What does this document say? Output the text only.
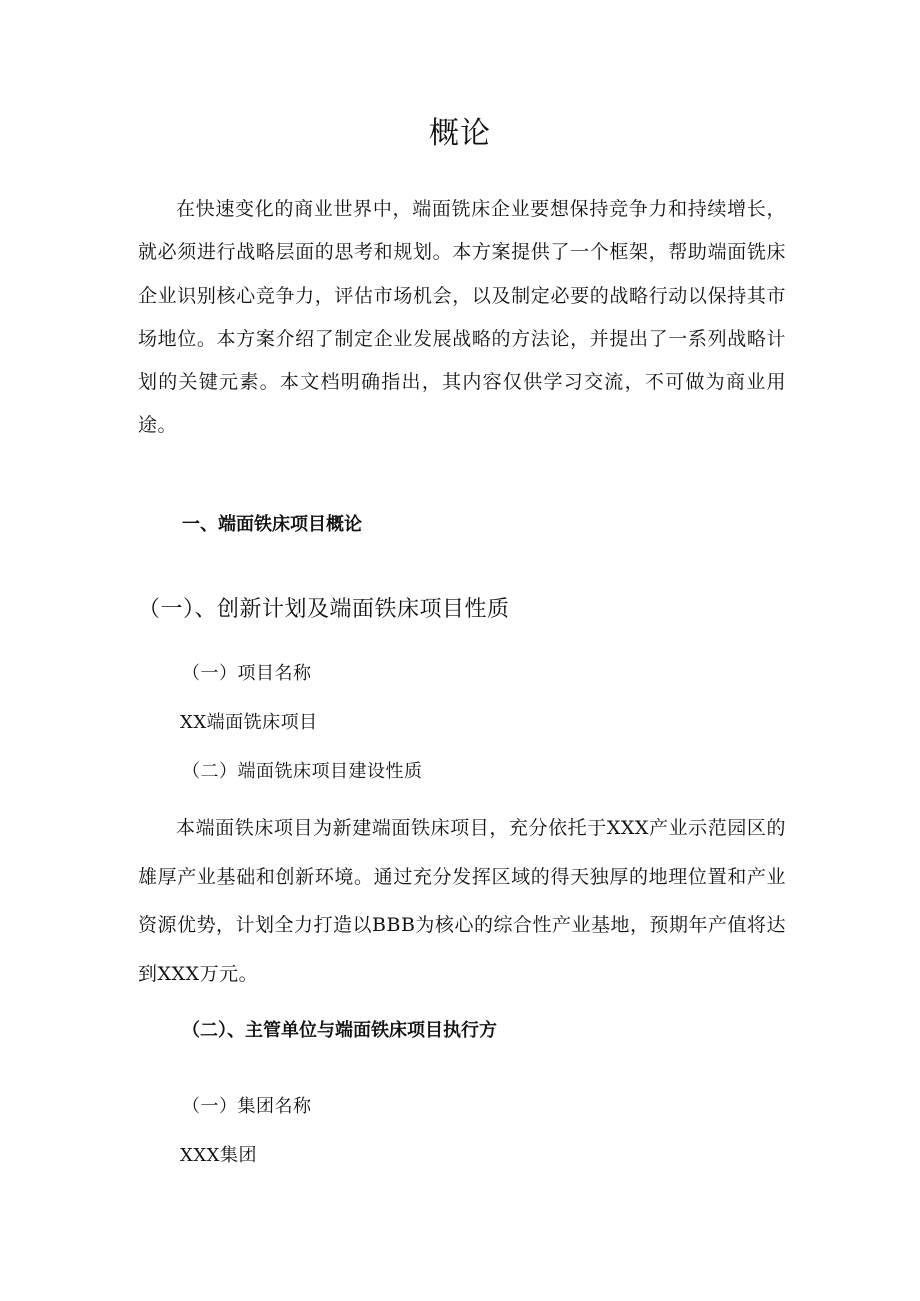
概论

在快速变化的商业世界中，端面铣床企业要想保持竞争力和持续增长，就必须进行战略层面的思考和规划。本方案提供了一个框架，帮助端面铣床企业识别核心竞争力，评估市场机会，以及制定必要的战略行动以保持其市场地位。本方案介绍了制定企业发展战略的方法论，并提出了一系列战略计划的关键元素。本文档明确指出，其内容仅供学习交流，不可做为商业用途。

一、端面铁床项目概论
（一）、创新计划及端面铁床项目性质
（一）项目名称
XX端面铣床项目
（二）端面铣床项目建设性质

本端面铁床项目为新建端面铁床项目，充分依托于XXX产业示范园区的雄厚产业基础和创新环境。通过充分发挥区域的得天独厚的地理位置和产业资源优势，计划全力打造以BBB为核心的综合性产业基地，预期年产值将达到XXX万元。

（二）、主管单位与端面铁床项目执行方
（一）集团名称
XXX集团
